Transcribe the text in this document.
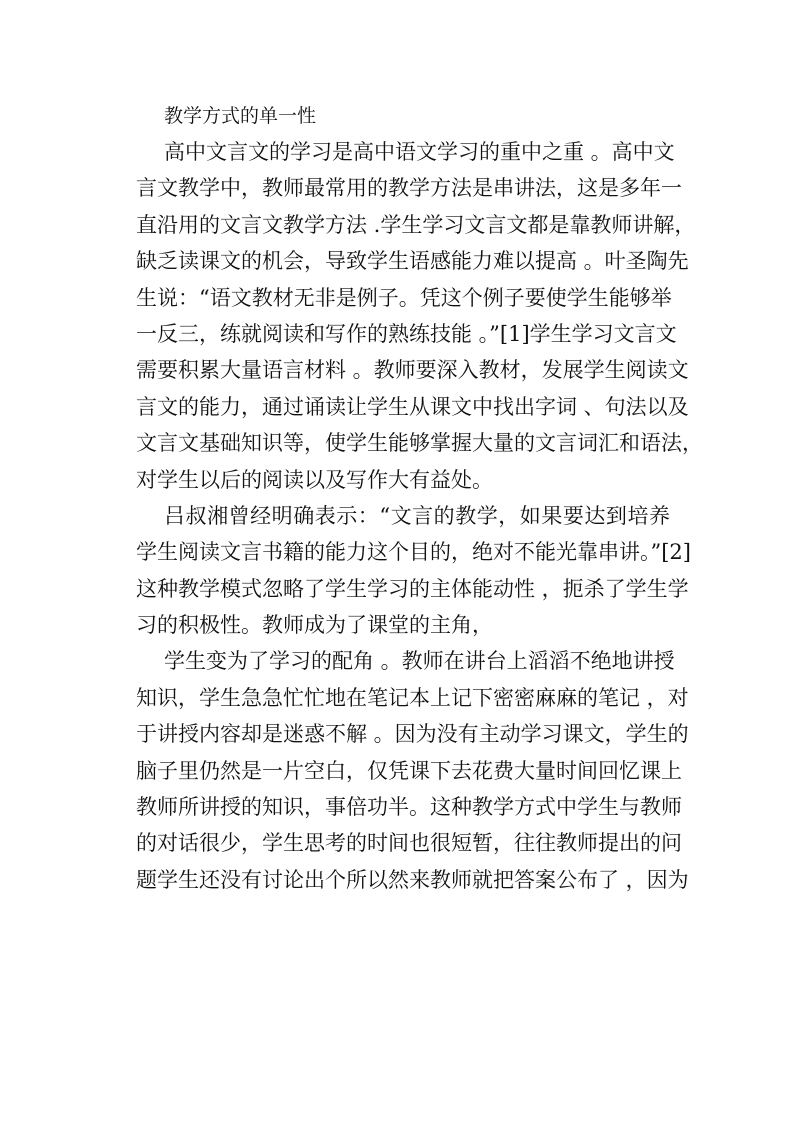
教学方式的单一性
高中文言文的学习是高中语文学习的重中之重 。高中文
言文教学中，教师最常用的教学方法是串讲法，这是多年一
直沿用的文言文教学方法 .学生学习文言文都是靠教师讲解，
缺乏读课文的机会，导致学生语感能力难以提高 。叶圣陶先
生说：“语文教材无非是例子。凭这个例子要使学生能够举
一反三，练就阅读和写作的熟练技能 。”[1]学生学习文言文
需要积累大量语言材料 。教师要深入教材，发展学生阅读文
言文的能力，通过诵读让学生从课文中找出字词 、句法以及
文言文基础知识等，使学生能够掌握大量的文言词汇和语法，
对学生以后的阅读以及写作大有益处。
吕叔湘曾经明确表示：“文言的教学，如果要达到培养
学生阅读文言书籍的能力这个目的，绝对不能光靠串讲。”[2]
这种教学模式忽略了学生学习的主体能动性 ，扼杀了学生学
习的积极性。教师成为了课堂的主角，
学生变为了学习的配角 。教师在讲台上滔滔不绝地讲授
知识，学生急急忙忙地在笔记本上记下密密麻麻的笔记 ，对
于讲授内容却是迷惑不解 。因为没有主动学习课文，学生的
脑子里仍然是一片空白，仅凭课下去花费大量时间回忆课上
教师所讲授的知识，事倍功半。这种教学方式中学生与教师
的对话很少，学生思考的时间也很短暂，往往教师提出的问
题学生还没有讨论出个所以然来教师就把答案公布了 ，因为
